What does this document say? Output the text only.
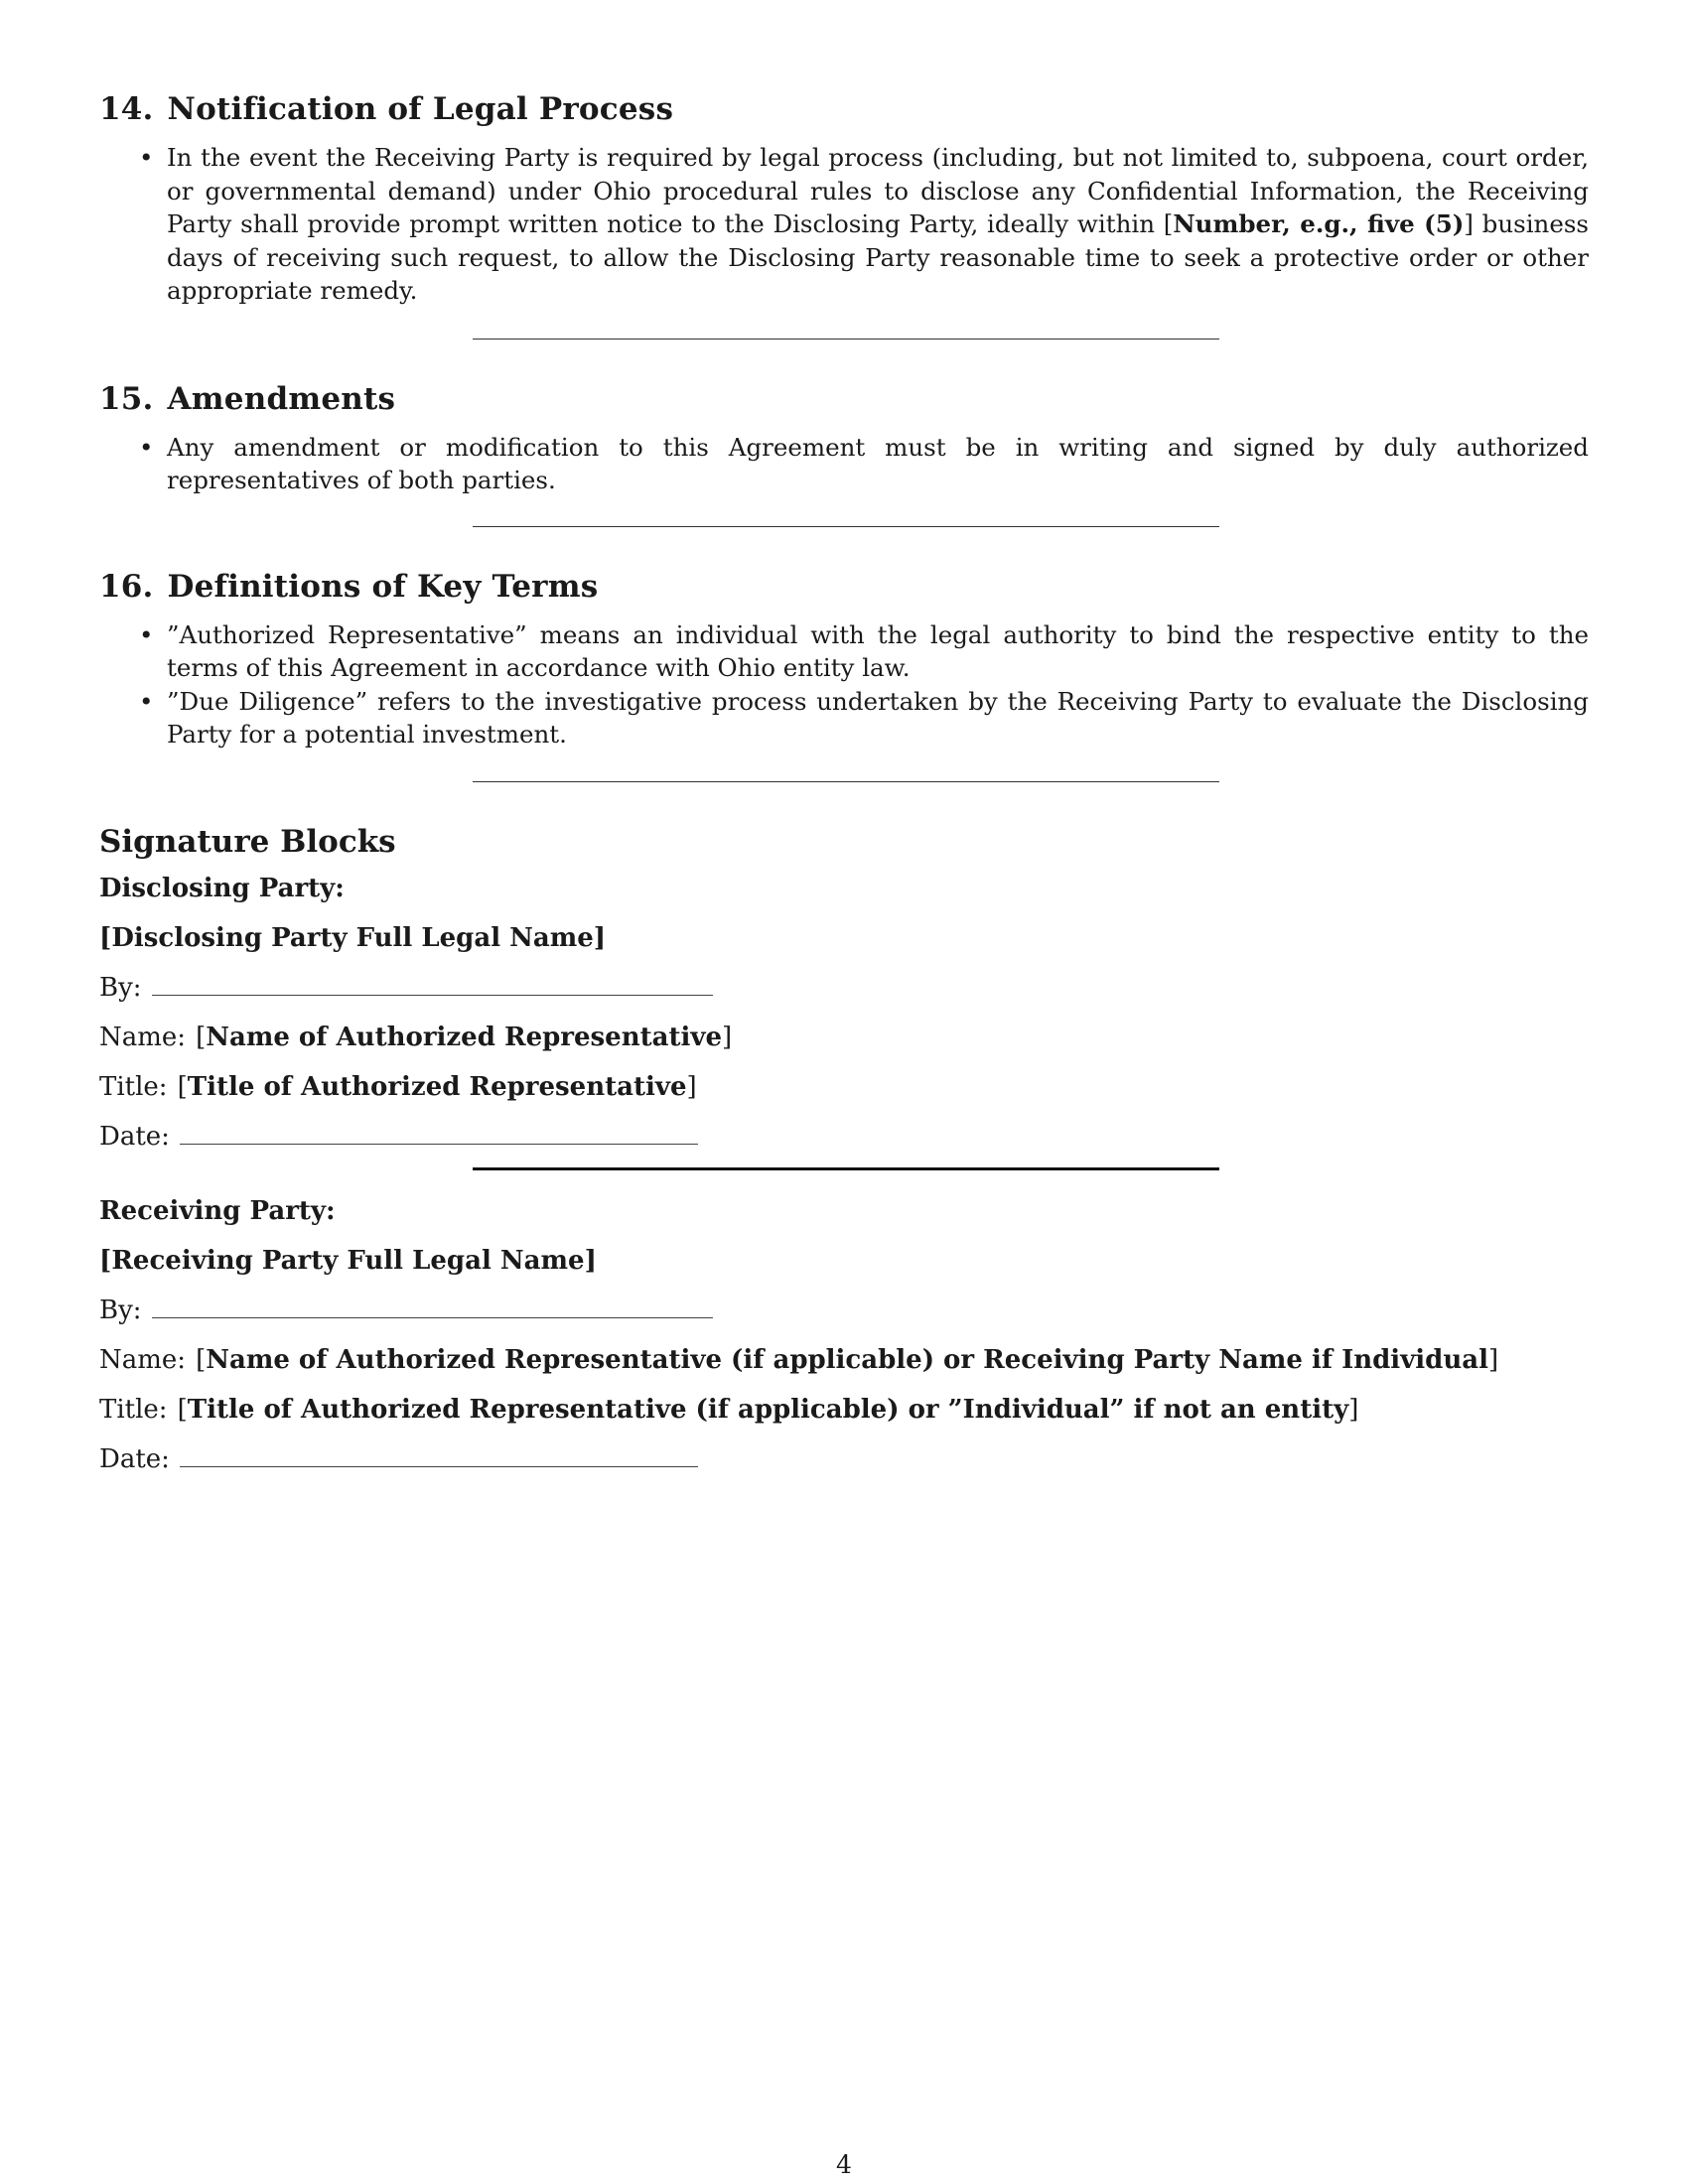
14. Notification of Legal Process
• In the event the Receiving Party is required by legal process (including, but not limited to, subpoena, court order, or governmental demand) under Ohio procedural rules to disclose any Confidential Information, the Receiving Party shall provide prompt written notice to the Disclosing Party, ideally within [Number, e.g., five (5)] business days of receiving such request, to allow the Disclosing Party reasonable time to seek a protective order or other appropriate remedy.
15. Amendments
• Any amendment or modification to this Agreement must be in writing and signed by duly authorized representatives of both parties.
16. Definitions of Key Terms
• ”Authorized Representative” means an individual with the legal authority to bind the respective entity to the terms of this Agreement in accordance with Ohio entity law.
• ”Due Diligence” refers to the investigative process undertaken by the Receiving Party to evaluate the Disclosing Party for a potential investment.
Signature Blocks
Disclosing Party:
[Disclosing Party Full Legal Name]
By:
Name: [Name of Authorized Representative]
Title: [Title of Authorized Representative]
Date:
Receiving Party:
[Receiving Party Full Legal Name]
By:
Name: [Name of Authorized Representative (if applicable) or Receiving Party Name if Individual]
Title: [Title of Authorized Representative (if applicable) or ”Individual” if not an entity]
Date:
4
